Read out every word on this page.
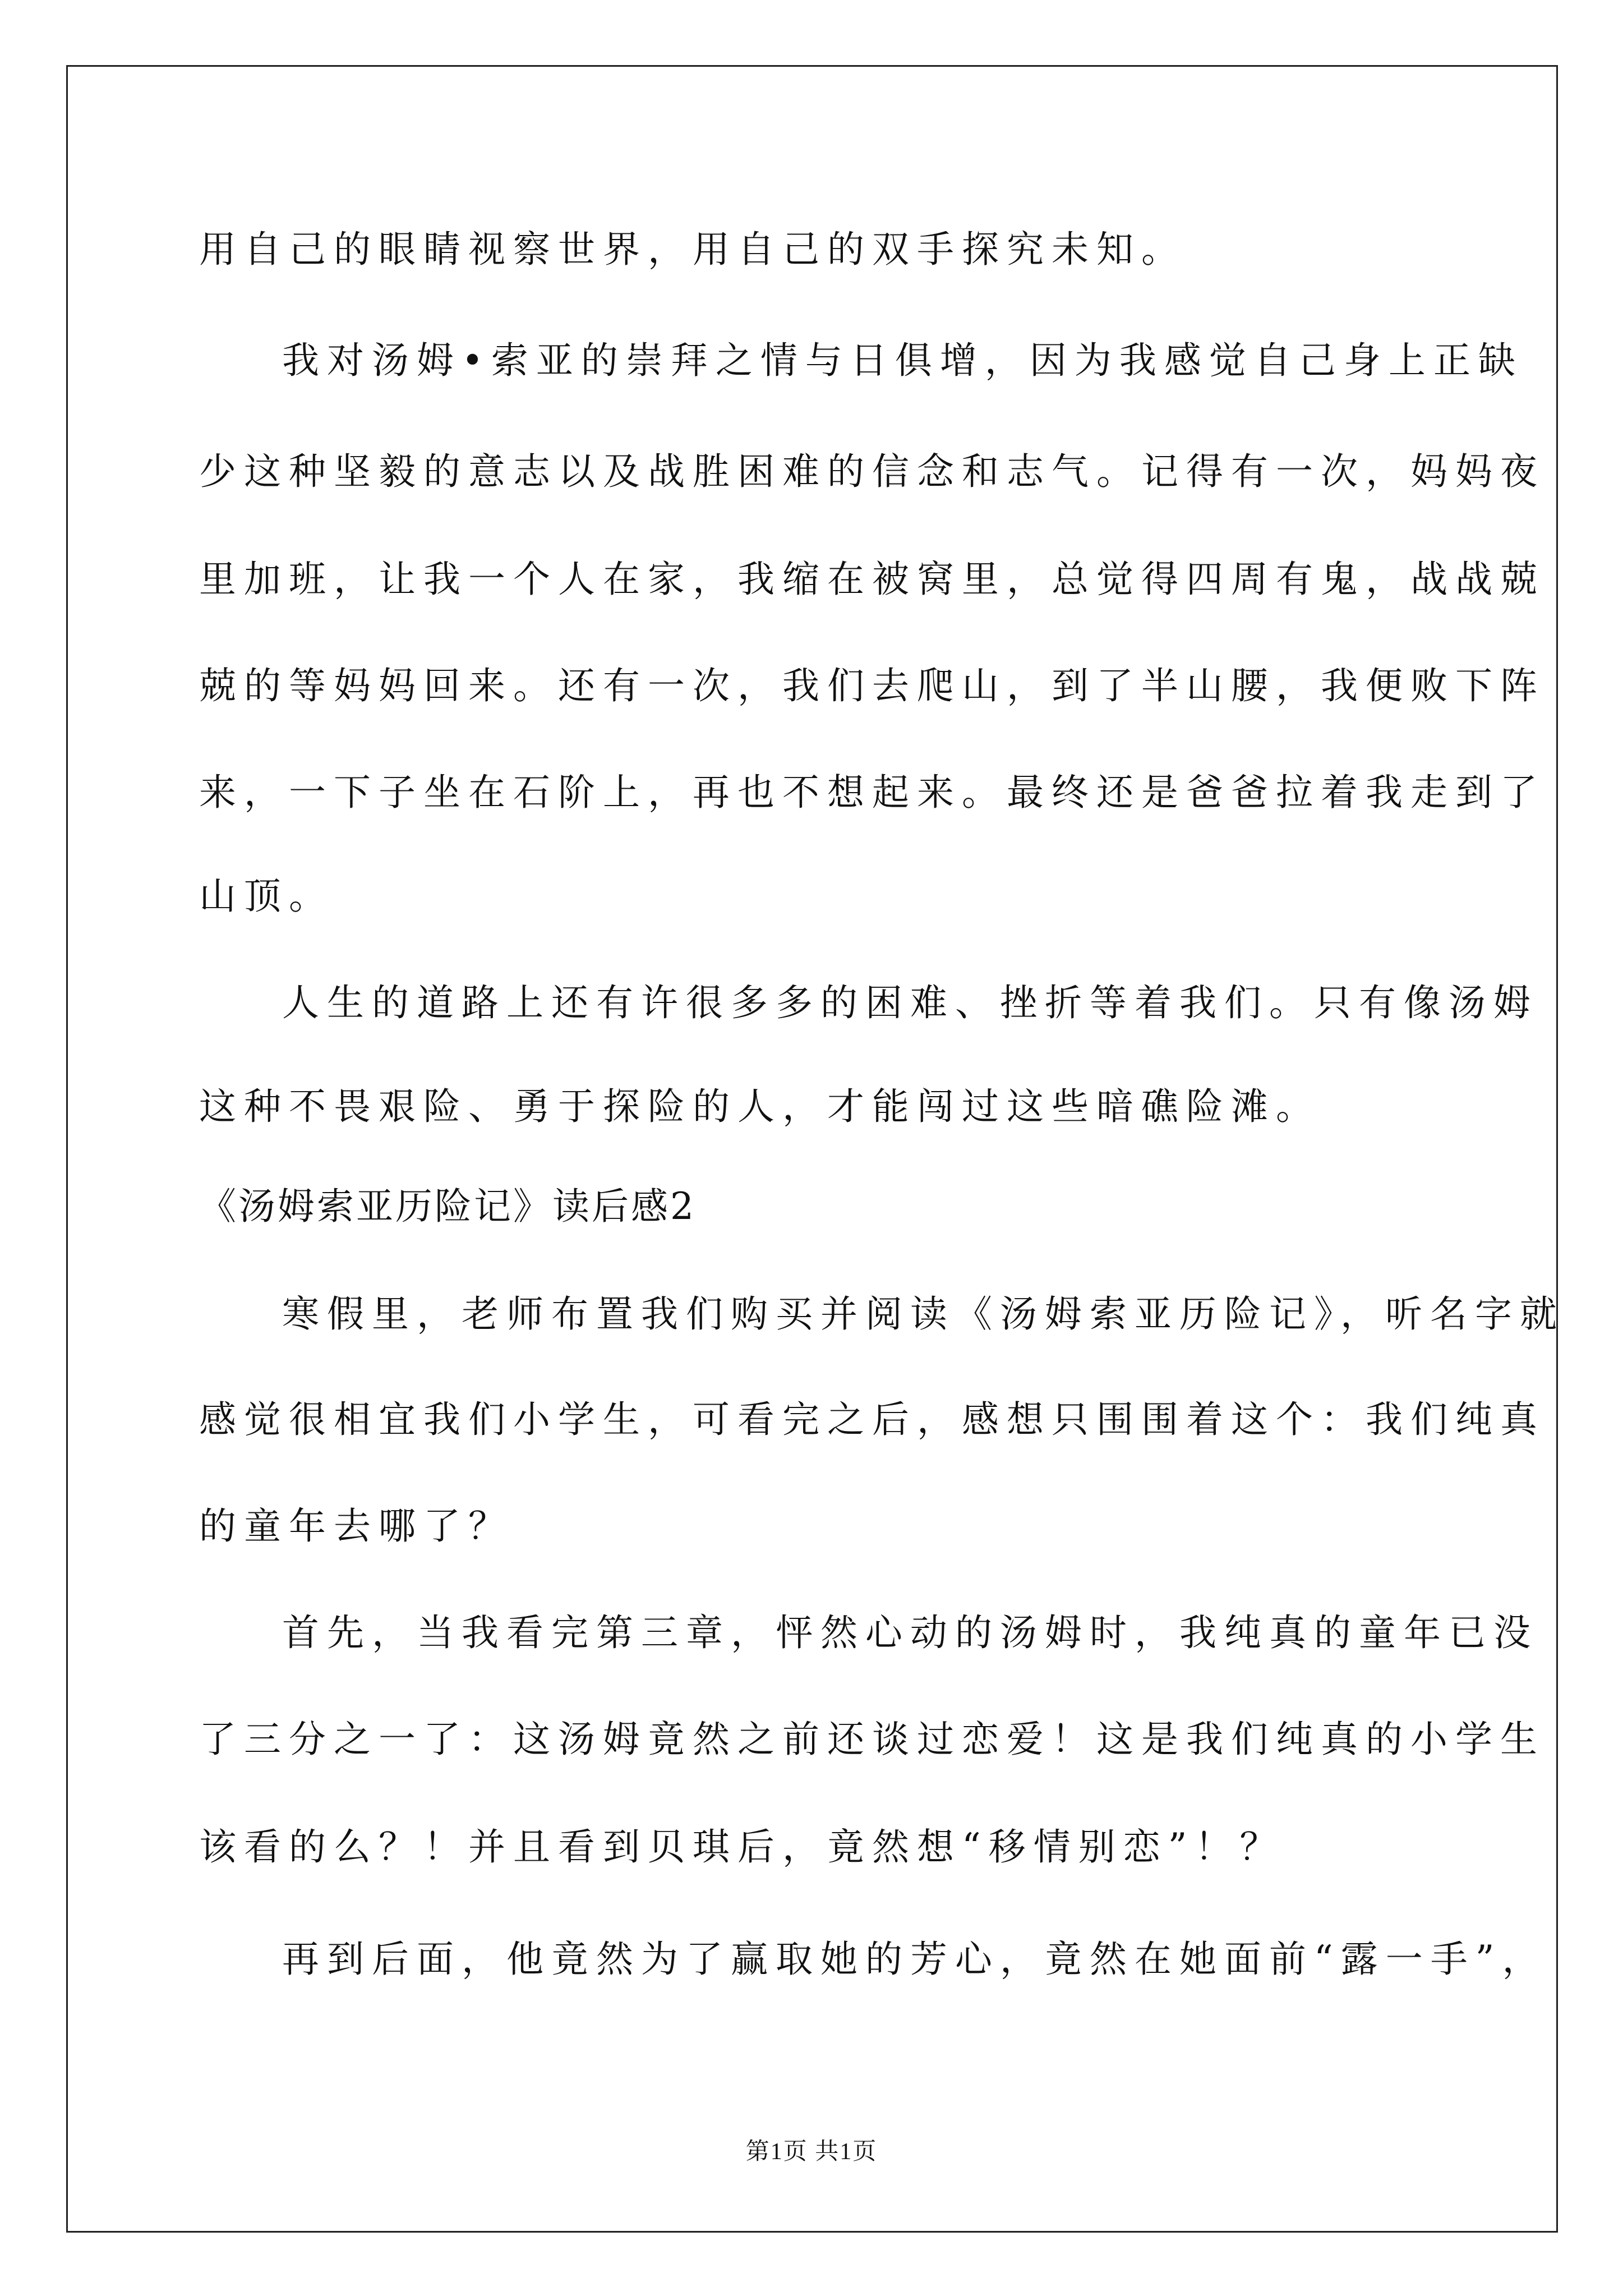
用自己的眼睛视察世界，用自己的双手探究未知。
我对汤姆•索亚的崇拜之情与日俱增，因为我感觉自己身上正缺
少这种坚毅的意志以及战胜困难的信念和志气。记得有一次，妈妈夜
里加班，让我一个人在家，我缩在被窝里，总觉得四周有鬼，战战兢
兢的等妈妈回来。还有一次，我们去爬山，到了半山腰，我便败下阵
来，一下子坐在石阶上，再也不想起来。最终还是爸爸拉着我走到了
山顶。
人生的道路上还有许很多多的困难、挫折等着我们。只有像汤姆
这种不畏艰险、勇于探险的人，才能闯过这些暗礁险滩。
《汤姆索亚历险记》读后感2
寒假里，老师布置我们购买并阅读《汤姆索亚历险记》，听名字就
感觉很相宜我们小学生，可看完之后，感想只围围着这个：我们纯真
的童年去哪了？
首先，当我看完第三章，怦然心动的汤姆时，我纯真的童年已没
了三分之一了：这汤姆竟然之前还谈过恋爱！这是我们纯真的小学生
该看的么？！并且看到贝琪后，竟然想“移情别恋”！？
再到后面，他竟然为了赢取她的芳心，竟然在她面前“露一手”，
第1页 共1页
